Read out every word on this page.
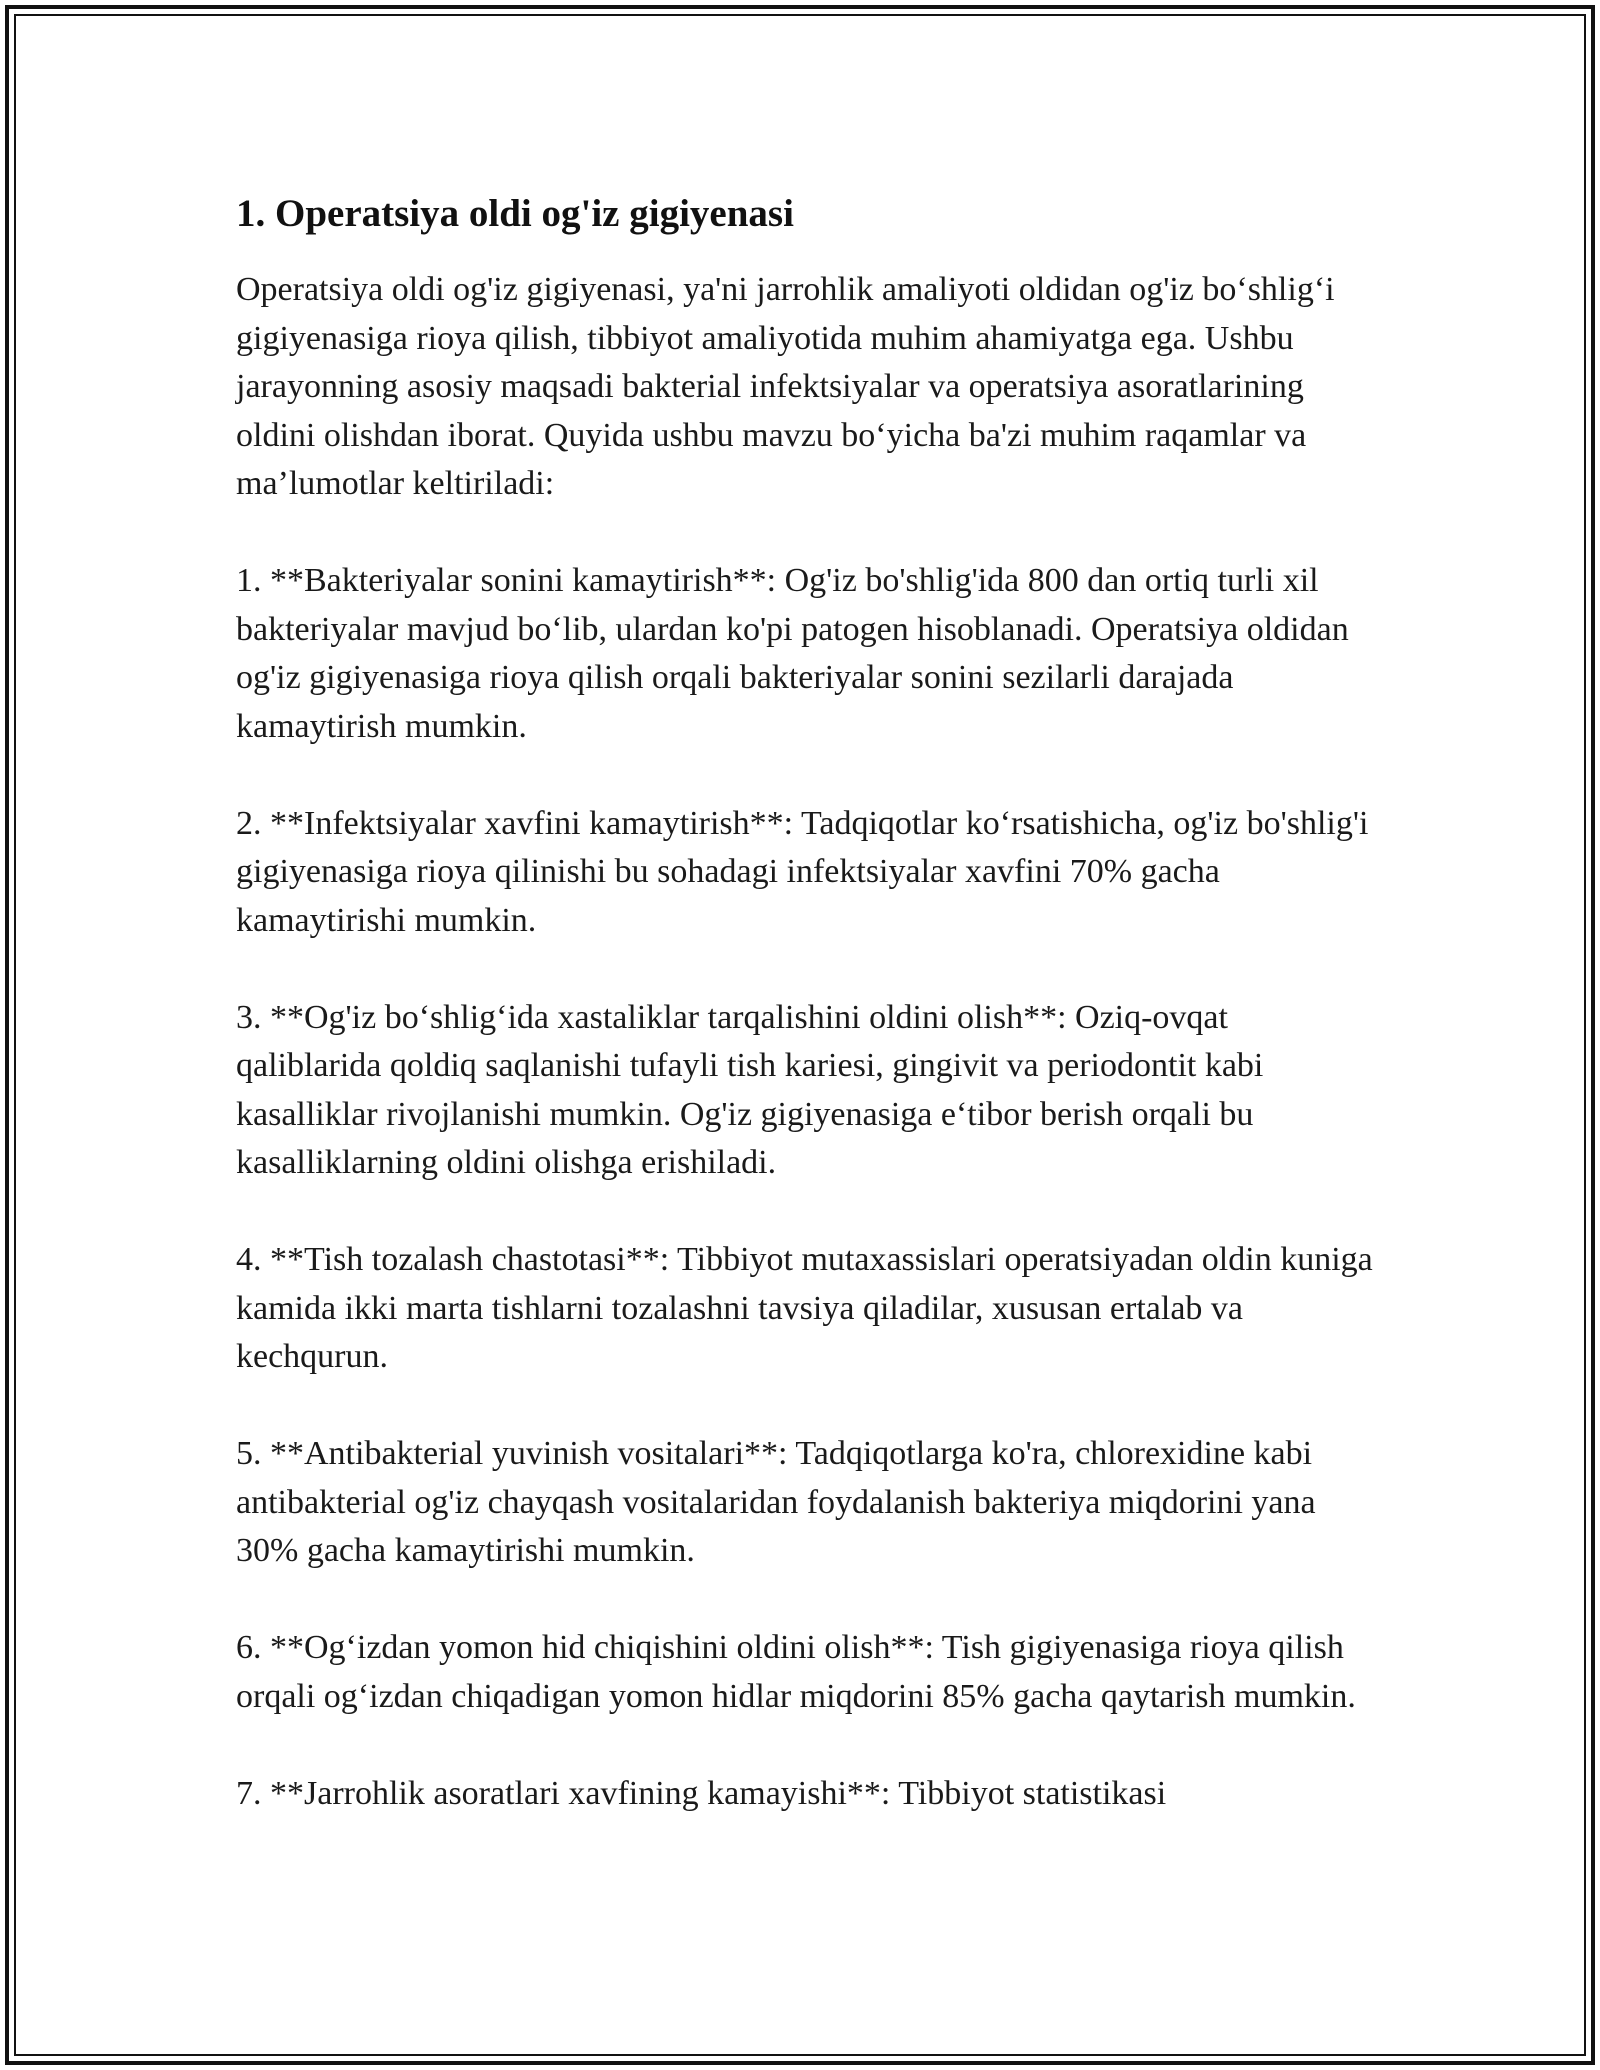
1. Operatsiya oldi og'iz gigiyenasi

Operatsiya oldi og'iz gigiyenasi, ya'ni jarrohlik amaliyoti oldidan og'iz bo‘shlig‘i gigiyenasiga rioya qilish, tibbiyot amaliyotida muhim ahamiyatga ega. Ushbu jarayonning asosiy maqsadi bakterial infektsiyalar va operatsiya asoratlarining oldini olishdan iborat. Quyida ushbu mavzu bo‘yicha ba'zi muhim raqamlar va ma’lumotlar keltiriladi:

1. **Bakteriyalar sonini kamaytirish**: Og'iz bo'shlig'ida 800 dan ortiq turli xil bakteriyalar mavjud bo‘lib, ulardan ko'pi patogen hisoblanadi. Operatsiya oldidan og'iz gigiyenasiga rioya qilish orqali bakteriyalar sonini sezilarli darajada kamaytirish mumkin.

2. **Infektsiyalar xavfini kamaytirish**: Tadqiqotlar ko‘rsatishicha, og'iz bo'shlig'i gigiyenasiga rioya qilinishi bu sohadagi infektsiyalar xavfini 70% gacha kamaytirishi mumkin.

3. **Og'iz bo‘shlig‘ida xastaliklar tarqalishini oldini olish**: Oziq-ovqat qaliblarida qoldiq saqlanishi tufayli tish kariesi, gingivit va periodontit kabi kasalliklar rivojlanishi mumkin. Og'iz gigiyenasiga e‘tibor berish orqali bu kasalliklarning oldini olishga erishiladi.

4. **Tish tozalash chastotasi**: Tibbiyot mutaxassislari operatsiyadan oldin kuniga kamida ikki marta tishlarni tozalashni tavsiya qiladilar, xususan ertalab va kechqurun.

5. **Antibakterial yuvinish vositalari**: Tadqiqotlarga ko'ra, chlorexidine kabi antibakterial og'iz chayqash vositalaridan foydalanish bakteriya miqdorini yana 30% gacha kamaytirishi mumkin.

6. **Og‘izdan yomon hid chiqishini oldini olish**: Tish gigiyenasiga rioya qilish orqali og‘izdan chiqadigan yomon hidlar miqdorini 85% gacha qaytarish mumkin.

7. **Jarrohlik asoratlari xavfining kamayishi**: Tibbiyot statistikasi
